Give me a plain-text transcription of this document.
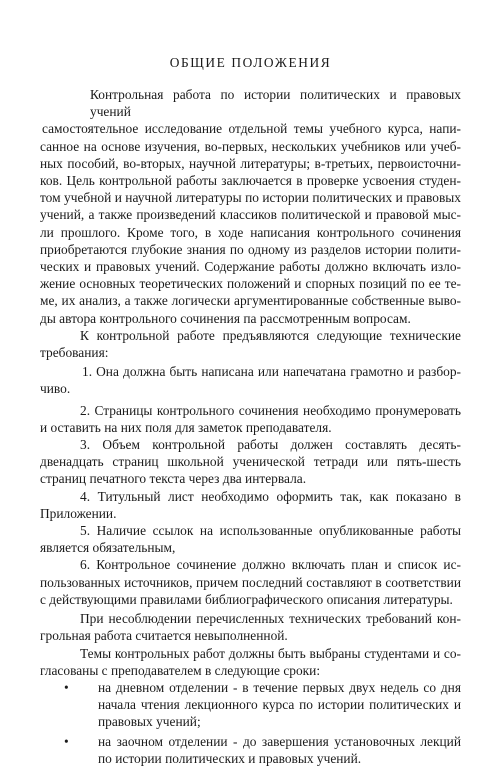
ОБЩИЕ ПОЛОЖЕНИЯ

Контрольная работа по истории политических и правовых учений
самостоятельное исследование отдельной темы учебного курса, напи-
санное на основе изучения, во-первых, нескольких учебников или учеб-
ных пособий, во-вторых, научной литературы; в-третьих, первоисточни-
ков. Цель контрольной работы заключается в проверке усвоения студен-
том учебной и научной литературы по истории политических и правовых
учений, а также произведений классиков политической и правовой мыс-
ли прошлого. Кроме того, в ходе написания контрольного сочинения
приобретаются глубокие знания по одному из разделов истории полити-
ческих и правовых учений. Содержание работы должно включать изло-
жение основных теоретических положений и спорных позиций по ее те-
ме, их анализ, а также логически аргументированные собственные выво-
ды автора контрольного сочинения па рассмотренным вопросам.

К контрольной работе предъявляются следующие технические
требования:

1. Она должна быть написана или напечатана грамотно и разбор-
чиво.

2. Страницы контрольного сочинения необходимо пронумеровать
и оставить на них поля для заметок преподавателя.

3. Объем контрольной работы должен составлять десять-
двенадцать страниц школьной ученической тетради или пять-шесть
страниц печатного текста через два интервала.

4. Титульный лист необходимо оформить так, как показано в
Приложении.

5. Наличие ссылок на использованные опубликованные работы
является обязательным,

6. Контрольное сочинение должно включать план и список ис-
пользованных источников, причем последний составляют в соответствии
с действующими правилами библиографического описания литературы.

При несоблюдении перечисленных технических требований кон-
грольная работа считается невыполненной.

Темы контрольных работ должны быть выбраны студентами и со-
гласованы с преподавателем в следующие сроки:

• на дневном отделении - в течение первых двух недель со дня
начала чтения лекционного курса по истории политических и
правовых учений;
• на заочном отделении - до завершения установочных лекций
по истории политических и правовых учений.
